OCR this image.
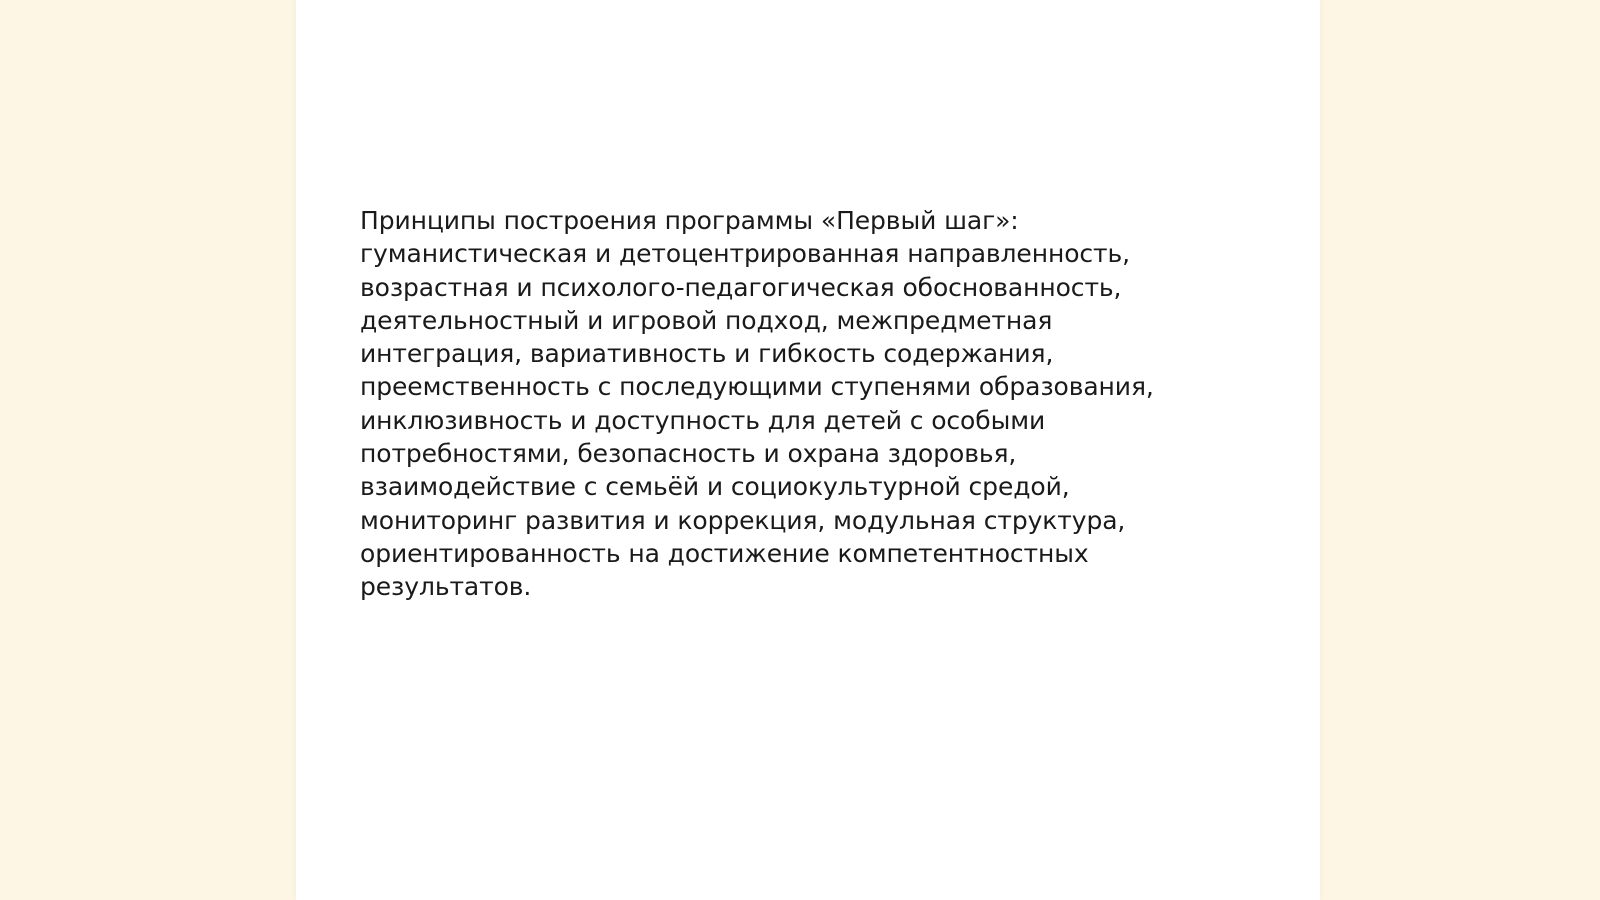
Принципы построения программы «Первый шаг»:
гуманистическая и детоцентрированная направленность,
возрастная и психолого-педагогическая обоснованность,
деятельностный и игровой подход, межпредметная
интеграция, вариативность и гибкость содержания,
преемственность с последующими ступенями образования,
инклюзивность и доступность для детей с особыми
потребностями, безопасность и охрана здоровья,
взаимодействие с семьёй и социокультурной средой,
мониторинг развития и коррекция, модульная структура,
ориентированность на достижение компетентностных
результатов.
